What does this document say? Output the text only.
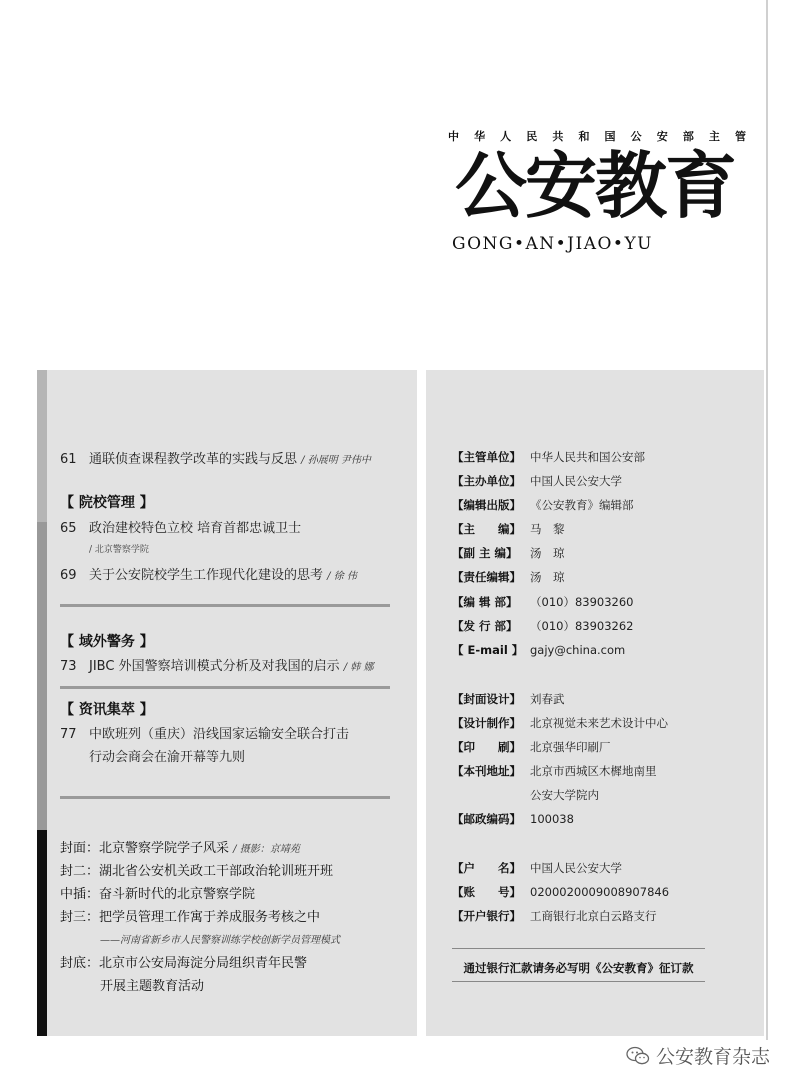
中华人民共和国公安部主管
公安教育
GONG•AN•JIAO•YU
61 通联侦查课程教学改革的实践与反思 / 孙展明 尹伟中
【 院校管理 】
65 政治建校特色立校 培育首都忠诚卫士
/ 北京警察学院
69 关于公安院校学生工作现代化建设的思考 / 徐 伟
【 域外警务 】
73 JIBC 外国警察培训模式分析及对我国的启示 / 韩 娜
【 资讯集萃 】
77 中欧班列（重庆）沿线国家运输安全联合打击
行动会商会在渝开幕等九则
封面：北京警察学院学子风采 / 摄影：京靖苑
封二：湖北省公安机关政工干部政治轮训班开班
中插：奋斗新时代的北京警察学院
封三：把学员管理工作寓于养成服务考核之中
——河南省新乡市人民警察训练学校创新学员管理模式
封底：北京市公安局海淀分局组织青年民警
开展主题教育活动
【主管单位】 中华人民共和国公安部
【主办单位】 中国人民公安大学
【编辑出版】 《公安教育》编辑部
【主　　编】 马　黎
【副 主 编】 汤　琼
【责任编辑】 汤　琼
【编 辑 部】 （010）83903260
【发 行 部】 （010）83903262
【 E-mail 】 gajy@china.com
【封面设计】 刘春武
【设计制作】 北京视觉未来艺术设计中心
【印　　刷】 北京强华印刷厂
【本刊地址】 北京市西城区木樨地南里
公安大学院内
【邮政编码】 100038
【户　　名】 中国人民公安大学
【账　　号】 0200020009008907846
【开户银行】 工商银行北京白云路支行
通过银行汇款请务必写明《公安教育》征订款
公安教育杂志
